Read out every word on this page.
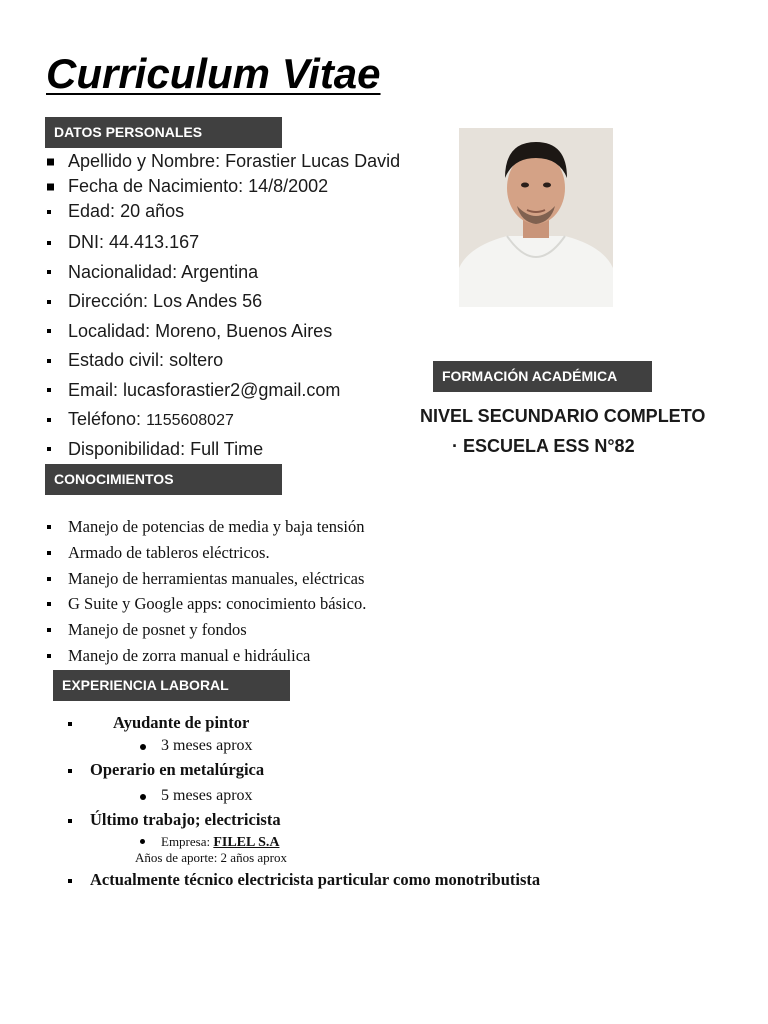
Curriculum Vitae
DATOS PERSONALES
Apellido y Nombre: Forastier Lucas David
Fecha de Nacimiento: 14/8/2002
Edad: 20 años
DNI: 44.413.167
Nacionalidad: Argentina
Dirección: Los Andes 56
Localidad: Moreno, Buenos Aires
Estado civil: soltero
Email: lucasforastier2@gmail.com
Teléfono: 1155608027
Disponibilidad: Full Time
FORMACIÓN ACADÉMICA
NIVEL SECUNDARIO COMPLETO
· ESCUELA ESS N°82
CONOCIMIENTOS
Manejo de potencias de media y baja tensión
Armado de tableros eléctricos.
Manejo de herramientas manuales, eléctricas
G Suite y Google apps: conocimiento básico.
Manejo de posnet y fondos
Manejo de zorra manual e hidráulica
EXPERIENCIA LABORAL
Ayudante de pintor
3 meses aprox
Operario en metalúrgica
5 meses aprox
Último trabajo; electricista
Empresa: FILEL S.A
Años de aporte: 2 años aprox
Actualmente técnico electricista particular como monotributista
